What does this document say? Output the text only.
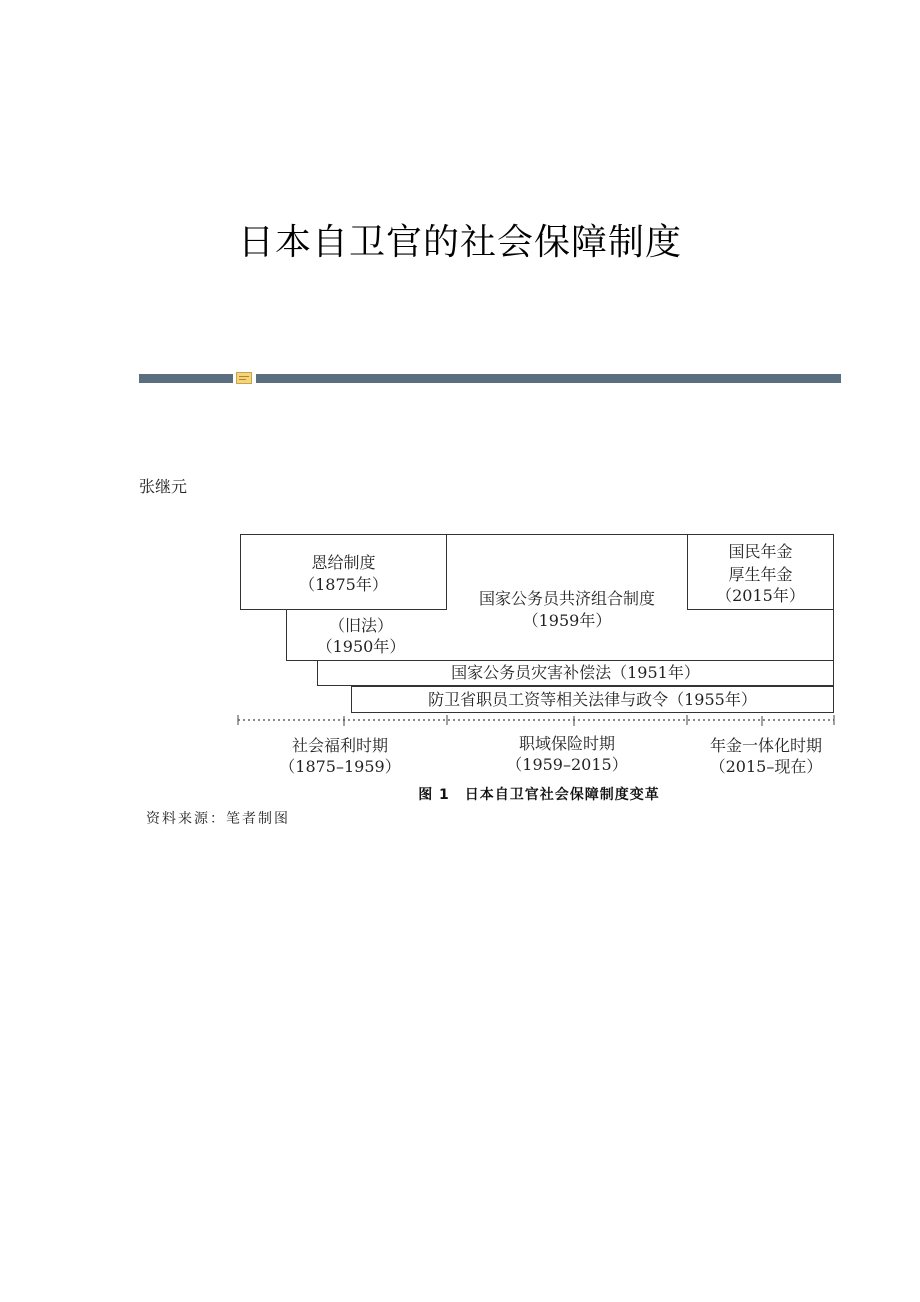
日本自卫官的社会保障制度
张继元
恩给制度
（1875年）
国家公务员共济组合制度
（1959年）
国民年金
厚生年金
（2015年）
（旧法）
（1950年）
国家公务员灾害补偿法（1951年）
防卫省职员工资等相关法律与政令（1955年）
社会福利时期
（1875–1959）
职域保险时期
（1959–2015）
年金一体化时期
（2015–现在）
图 1　日本自卫官社会保障制度变革
资料来源：笔者制图
